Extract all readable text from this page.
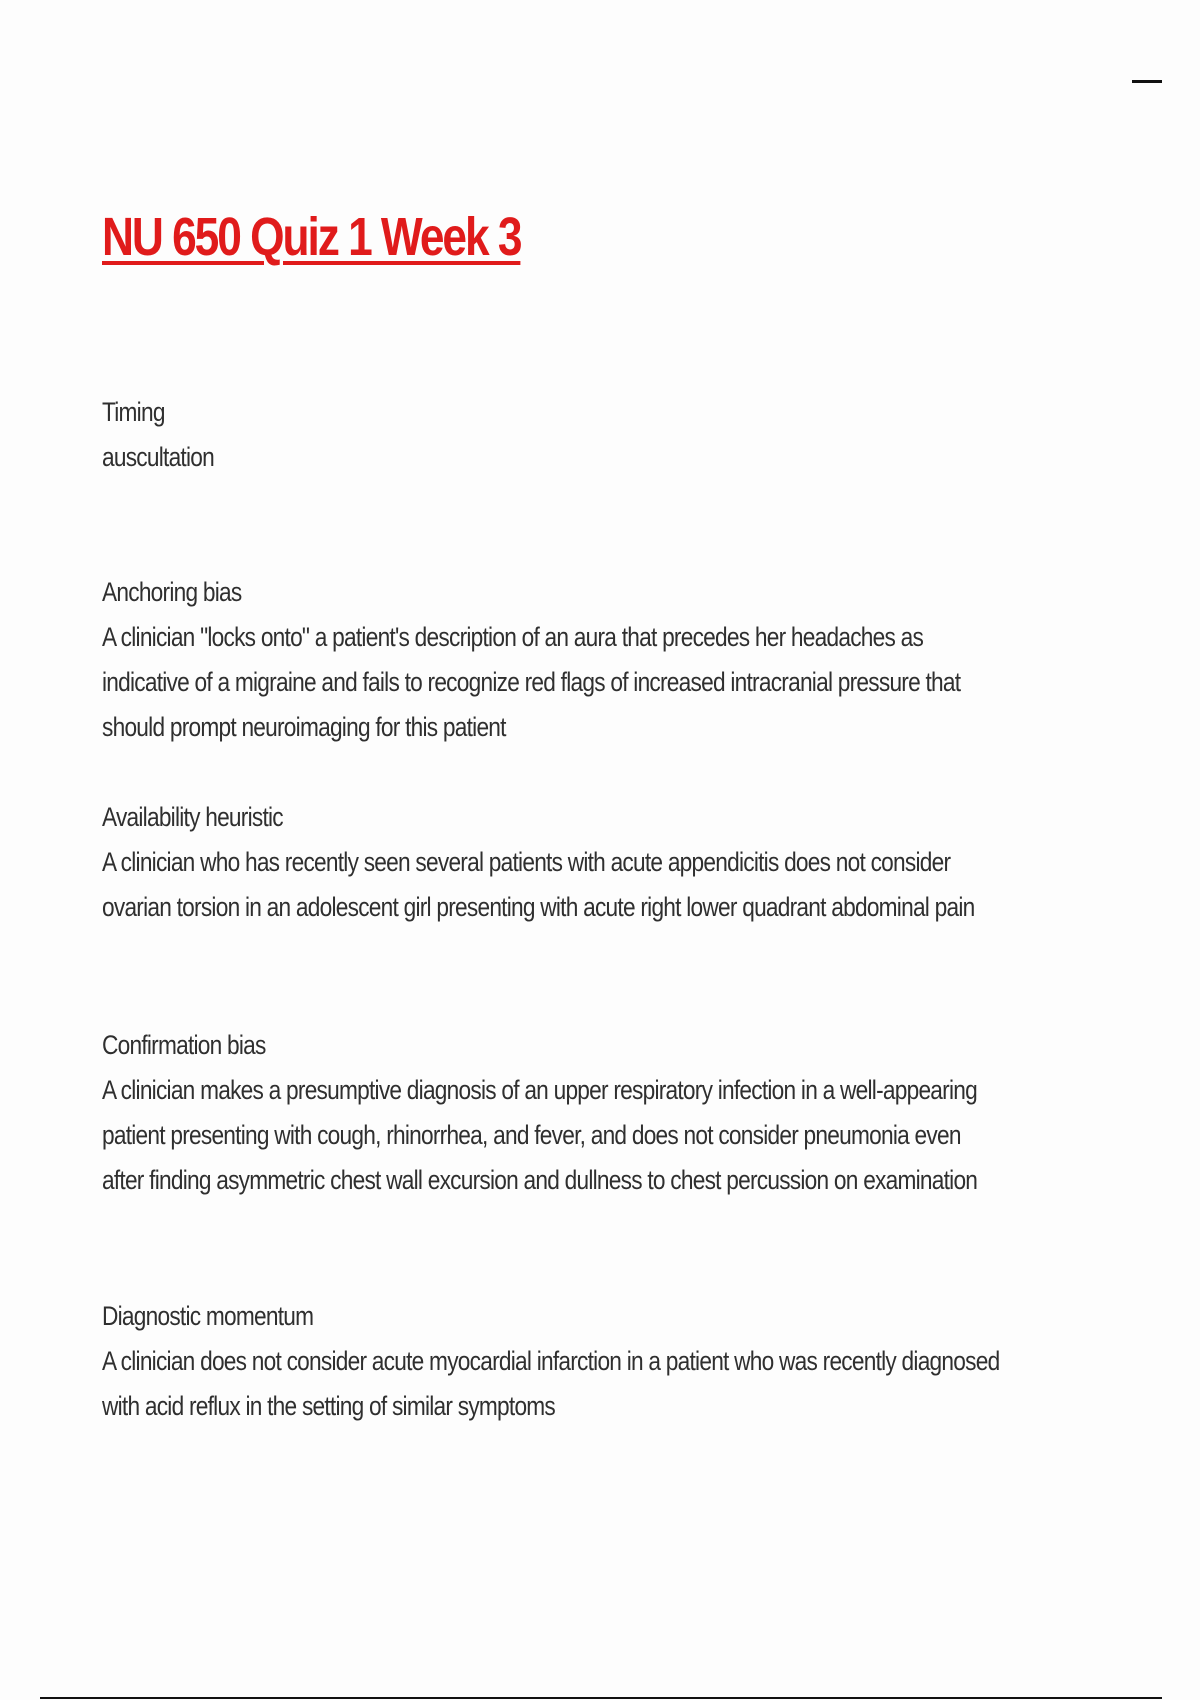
NU 650 Quiz 1 Week 3
Timing
auscultation
Anchoring bias
A clinician "locks onto" a patient's description of an aura that precedes her headaches as indicative of a migraine and fails to recognize red flags of increased intracranial pressure that should prompt neuroimaging for this patient
Availability heuristic
A clinician who has recently seen several patients with acute appendicitis does not consider ovarian torsion in an adolescent girl presenting with acute right lower quadrant abdominal pain
Confirmation bias
A clinician makes a presumptive diagnosis of an upper respiratory infection in a well-appearing patient presenting with cough, rhinorrhea, and fever, and does not consider pneumonia even after finding asymmetric chest wall excursion and dullness to chest percussion on examination
Diagnostic momentum
A clinician does not consider acute myocardial infarction in a patient who was recently diagnosed with acid reflux in the setting of similar symptoms
